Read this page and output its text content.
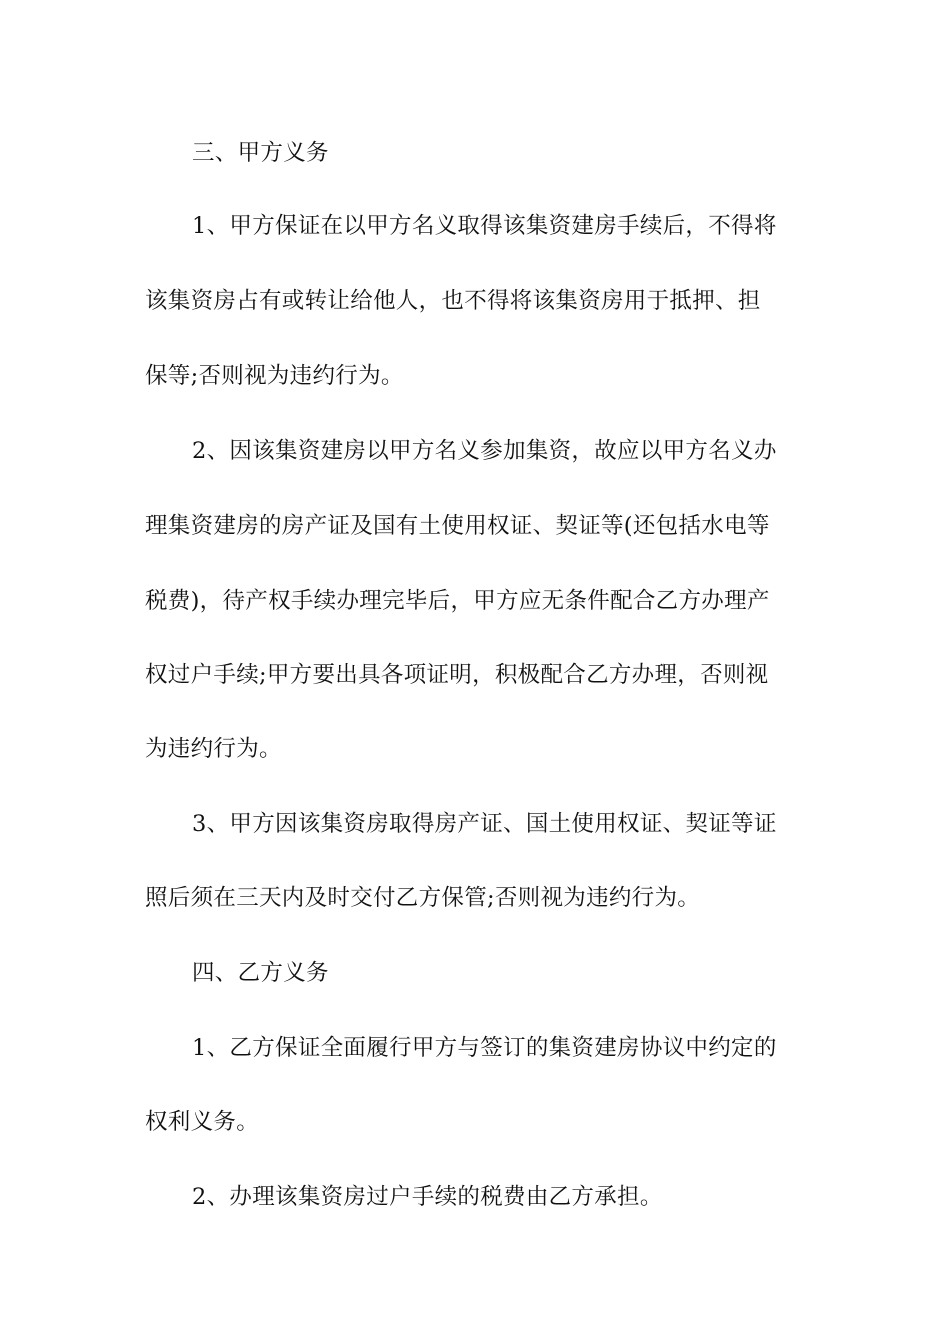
三、甲方义务
1、甲方保证在以甲方名义取得该集资建房手续后，不得将
该集资房占有或转让给他人，也不得将该集资房用于抵押、担
保等;否则视为违约行为。
2、因该集资建房以甲方名义参加集资，故应以甲方名义办
理集资建房的房产证及国有土使用权证、契证等(还包括水电等
税费)，待产权手续办理完毕后，甲方应无条件配合乙方办理产
权过户手续;甲方要出具各项证明，积极配合乙方办理，否则视
为违约行为。
3、甲方因该集资房取得房产证、国土使用权证、契证等证
照后须在三天内及时交付乙方保管;否则视为违约行为。
四、乙方义务
1、乙方保证全面履行甲方与签订的集资建房协议中约定的
权利义务。
2、办理该集资房过户手续的税费由乙方承担。
